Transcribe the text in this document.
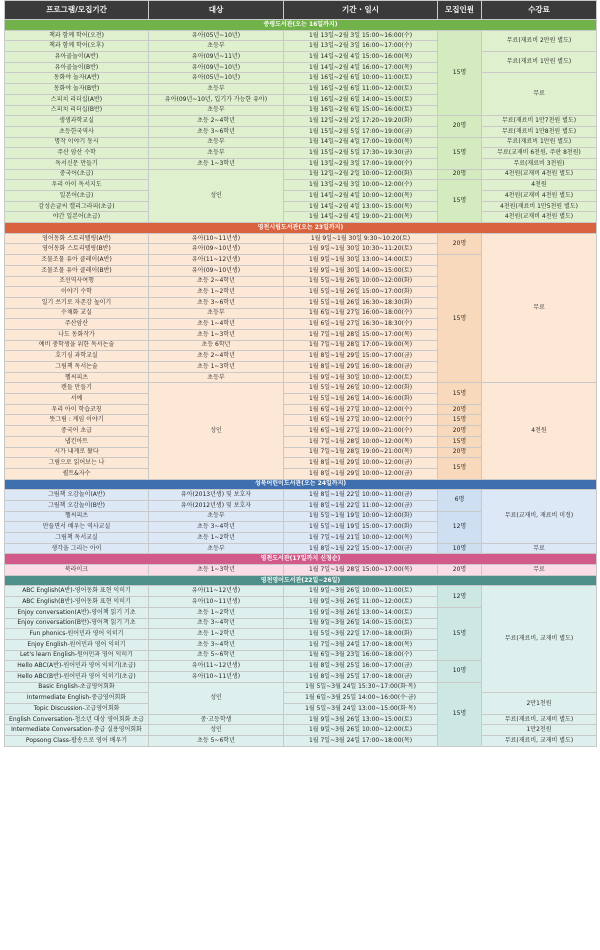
프로그램/모집기간	대상	기간 · 일시	모집인원	수강료
증평도서관(오는 16일까지)				
책과 함께 학어(오전)	유아(05년~10년)	1월 13일~2월 3일 15:00~16:00(수)	15명	무료(재료비 2만원 별도)
책과 함께 학어(오후)	초등부	1월 13일~2월 3일 16:00~17:00(수)		
유아골놀이(A반)	유아(09년~11년)	1월 14일~2월 4일 15:00~16:00(목)		무료(재료비 1만원 별도)
유아골놀이(B반)	유아(09년~10년)	1월 14일~2월 4일 16:00~17:00(목)		
동화야 놀자(A반)	유아(05년~10년)	1월 16일~2월 6일 10:00~11:00(토)		무료
동화야 놀자(B반)	초등부	1월 16일~2월 6일 11:00~12:00(토)		
스피치 리더십(A반)	유아(09년~10년, 입기가 가능한 유아)	1월 16일~2월 6일 14:00~15:00(토)		
스피치 리더십(B반)	초등부	1월 16일~2월 6일 15:00~16:00(토)		
생생과학교실	초등 2~4학년	1월 12일~2월 2일 17:20~19:20(화)	20명	무료(재료비 1만7천원 별도)
초등한국역사	초등 3~6학년	1월 15일~2월 5일 17:00~19:00(금)		무료(재료비 1만8천원 별도)
명작 이야기 동시	초등부	1월 14일~2월 4일 17:00~19:00(목)	15명	무료(재료비 1만원 별도)
주산 암산 수학	초등부	1월 15일~2월 5일 17:30~19:30(금)		무료(교재비 6천원, 주판 8천원)
독서신문 만들기	초등 1~3학년	1월 13일~2월 3일 17:00~19:00(수)		무료(재료비 3천원)
중국어(초급)	성인	1월 12일~2월 2일 10:00~12:00(화)	20명	4천원(교재비 4천원 별도)
우리 아이 독서지도		1월 13일~2월 3일 10:00~12:00(수)	15명	4천원
일본어(초급)		1월 14일~2월 4일 10:00~12:00(목)		4천원(교재비 4천원 별도)
감성손글씨 캘리그라피(초급)		1월 14일~2월 4일 13:00~15:00(목)		4천원(재료비 1만5천원 별도)
야간 일본어(초급)		1월 14일~2월 4일 19:00~21:00(목)		4천원(교재비 4천원 별도)
영천시립도서관(오는 23일까지)				
영어동화 스토리텔링(A반)	유아(10~11년생)	1월 9일~1월 30일 9:30~10:20(토)	20명	무료
영어동화 스토리텔링(B반)	유아(09~10년생)	1월 9일~1월 30일 10:30~11:20(토)		
조물조물 유아 클레이(A반)	유아(11~12년생)	1월 9일~1월 30일 13:00~14:00(토)	15명	
조물조물 유아 클레이(B반)	유아(09~10년생)	1월 9일~1월 30일 14:00~15:00(토)		
조선역사여행	초등 2~4학년	1월 5일~1월 26일 10:00~12:00(화)		
이야기 수학	초등 1~2학년	1월 5일~1월 26일 15:00~17:00(화)		
일기 쓰기로 자존감 높이기	초등 3~6학년	1월 5일~1월 26일 16:30~18:30(화)		
수채화 교실	초등부	1월 6일~1월 27일 16:00~18:00(수)		
주산암산	초등 1~4학년	1월 6일~1월 27일 16:30~18:30(수)		
나도 동화작가	초등 1~3학년	1월 7일~1월 28일 15:00~17:00(목)		
예비 중학생을 위한 독서논술	초등 6학년	1월 7일~1월 28일 17:00~19:00(목)		
호기심 과학교실	초등 2~4학년	1월 8일~1월 29일 15:00~17:00(금)		
그림책 독서논술	초등 1~3학년	1월 8일~1월 29일 16:00~18:00(금)		
헬씨피츠	초등부	1월 9일~1월 30일 10:00~12:00(토)		
캔들 만들기	성인	1월 5일~1월 26일 10:00~12:00(화)	15명	4천원
서예		1월 5일~1월 26일 14:00~16:00(화)		
우리 아이 학습코칭		1월 6일~1월 27일 10:00~12:00(수)	20명	
뜻그림 : 게임 이야기		1월 6일~1월 27일 10:00~12:00(수)	15명	
중국어 초급		1월 6일~1월 27일 19:00~21:00(수)	20명	
냅킨아트		1월 7일~1월 28일 10:00~12:00(목)	15명	
시가 내게로 왔다		1월 7일~1월 28일 19:00~21:00(목)	20명	
그림으로 읽어보는 나		1월 8일~1월 29일 10:00~12:00(금)	15명	
퀼트&자수		1월 8일~1월 29일 10:00~12:00(금)		
성북어린이도서관(오는 24일까지)				
그림책 오감놀이(A반)	유아(2013년생) 및 보호자	1월 8일~1월 22일 10:00~11:00(금)	6명	무료(교재비, 재료비 미정)
그림책 오감놀이(B반)	유아(2012년생) 및 보호자	1월 8일~1월 22일 11:00~12:00(금)		
헬씨피츠	초등부	1월 5일~1월 19일 10:00~12:00(화)	12명	
만들면서 배우는 역사교실	초등 3~4학년	1월 5일~1월 19일 15:00~17:00(화)		
그림책 독서교실	초등 1~2학년	1월 7일~1월 21일 10:00~12:00(목)		
생각을 그리는 아이	초등부	1월 8일~1월 22일 15:00~17:00(금)	10명	무료
영천도서관(17일까지 신청순)				
북라이크	초등 1~3학년	1월 7일~1월 28일 15:00~17:00(목)	20명	무료
영천영어도서관(22일~26일)				
ABC English(A반)-영어동화 표현 익히기	유아(11~12년생)	1월 9일~3월 26일 10:00~11:00(토)	12명	무료(재료비, 교재비 별도)
ABC English(B반)-영어동화 표현 익히기	유아(10~11년생)	1월 9일~3월 26일 11:00~12:00(토)		
Enjoy conversation(A반)-영어책 읽기 기초	초등 1~2학년	1월 9일~3월 26일 13:00~14:00(토)	15명	
Enjoy conversation(B반)-영어책 읽기 기초	초등 3~4학년	1월 9일~3월 26일 14:00~15:00(토)		
Fun phonics-원어민과 영어 익히기	초등 1~2학년	1월 5일~3월 22일 17:00~18:00(화)		
Enjoy English-원어민과 영어 익히기	초등 3~4학년	1월 7일~3월 24일 17:00~18:00(목)		
Let's learn English-원어민과 영어 익히기	초등 5~6학년	1월 6일~3월 23일 16:00~18:00(수)		
Hello ABC(A반)-원어민과 영어 익히기(초급)	유아(11~12년생)	1월 8일~3월 25일 16:00~17:00(금)	10명	
Hello ABC(B반)-원어민과 영어 익히기(초급)	유아(10~11년생)	1월 8일~3월 25일 17:00~18:00(금)		
Basic English-초급영어회화	성인	1월 5일~3월 24일 15:30~17:00(화·목)	15명	
Intermediate English-중급영어회화		1월 6일~3월 25일 14:00~16:00(수·금)		2만1천원
Topic Discussion-고급영어회화		1월 5일~3월 24일 13:00~15:00(화·목)		
English Conversation-청소년 대상 영어회화 초급	중·고등학생	1월 9일~3월 26일 13:00~15:00(토)		무료(재료비, 교재비 별도)
Intermediate Conversation-중급 실용영어회화	성인	1월 9일~3월 26일 10:00~12:00(토)		1만2천원
Popsong Class-팝송으로 영어 배우기	초등 5~6학년	1월 7일~3월 24일 17:00~18:00(목)		무료(재료비, 교재비 별도)
